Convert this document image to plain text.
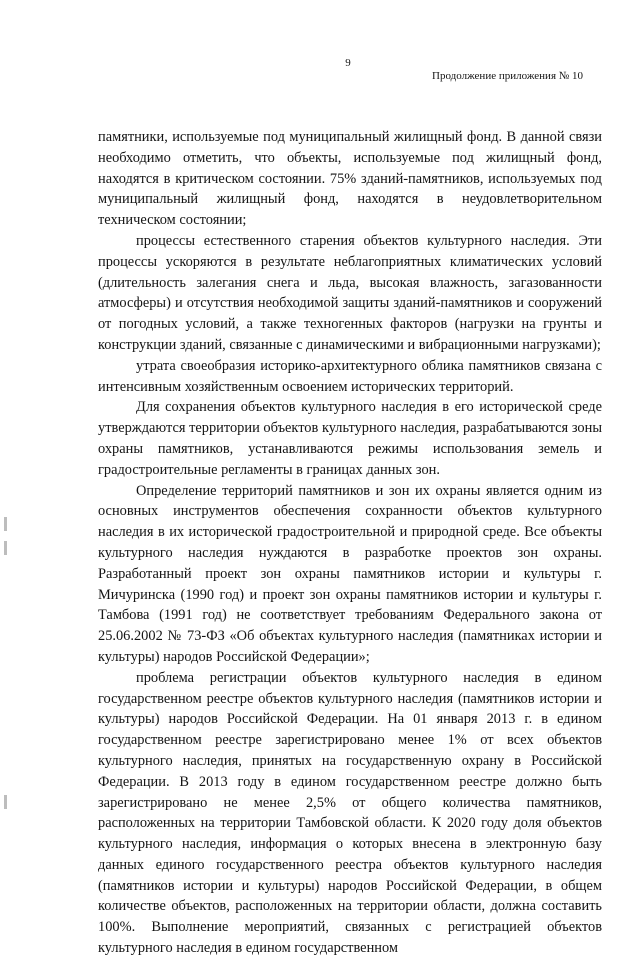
9
Продолжение приложения № 10

памятники, используемые под муниципальный жилищный фонд. В данной связи необходимо отметить, что объекты, используемые под жилищный фонд, находятся в критическом состоянии. 75% зданий-памятников, используемых под муниципальный жилищный фонд, находятся в неудовлетворительном техническом состоянии;

процессы естественного старения объектов культурного наследия. Эти процессы ускоряются в результате неблагоприятных климатических условий (длительность залегания снега и льда, высокая влажность, загазованности атмосферы) и отсутствия необходимой защиты зданий-памятников и сооружений от погодных условий, а также техногенных факторов (нагрузки на грунты и конструкции зданий, связанные с динамическими и вибрационными нагрузками);

утрата своеобразия историко-архитектурного облика памятников связана с интенсивным хозяйственным освоением исторических территорий.

Для сохранения объектов культурного наследия в его исторической среде утверждаются территории объектов культурного наследия, разрабатываются зоны охраны памятников, устанавливаются режимы использования земель и градостроительные регламенты в границах данных зон.

Определение территорий памятников и зон их охраны является одним из основных инструментов обеспечения сохранности объектов культурного наследия в их исторической градостроительной и природной среде. Все объекты культурного наследия нуждаются в разработке проектов зон охраны. Разработанный проект зон охраны памятников истории и культуры г. Мичуринска (1990 год) и проект зон охраны памятников истории и культуры г. Тамбова (1991 год) не соответствует требованиям Федерального закона от 25.06.2002 № 73-ФЗ «Об объектах культурного наследия (памятниках истории и культуры) народов Российской Федерации»;

проблема регистрации объектов культурного наследия в едином государственном реестре объектов культурного наследия (памятников истории и культуры) народов Российской Федерации. На 01 января 2013 г. в едином государственном реестре зарегистрировано менее 1% от всех объектов культурного наследия, принятых на государственную охрану в Российской Федерации. В 2013 году в едином государственном реестре должно быть зарегистрировано не менее 2,5% от общего количества памятников, расположенных на территории Тамбовской области. К 2020 году доля объектов культурного наследия, информация о которых внесена в электронную базу данных единого государственного реестра объектов культурного наследия (памятников истории и культуры) народов Российской Федерации, в общем количестве объектов, расположенных на территории области, должна составить 100%. Выполнение мероприятий, связанных с регистрацией объектов культурного наследия в едином государственном
